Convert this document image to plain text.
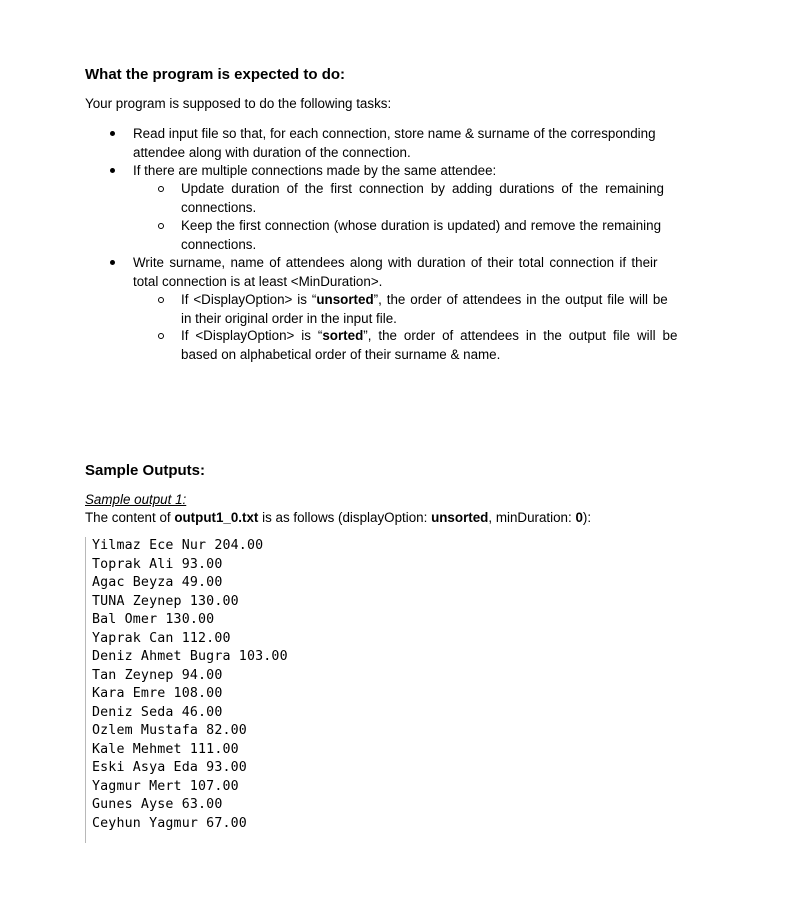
What the program is expected to do:
Your program is supposed to do the following tasks:
Read input file so that, for each connection, store name & surname of the corresponding
attendee along with duration of the connection.
If there are multiple connections made by the same attendee:
Update duration of the first connection by adding durations of the remaining
connections.
Keep the first connection (whose duration is updated) and remove the remaining
connections.
Write surname, name of attendees along with duration of their total connection if their
total connection is at least <MinDuration>.
If <DisplayOption> is “unsorted”, the order of attendees in the output file will be
in their original order in the input file.
If <DisplayOption> is “sorted”, the order of attendees in the output file will be
based on alphabetical order of their surname & name.
Sample Outputs:
Sample output 1:
The content of output1_0.txt is as follows (displayOption: unsorted, minDuration: 0):
Yilmaz Ece Nur 204.00
Toprak Ali 93.00
Agac Beyza 49.00
TUNA Zeynep 130.00
Bal Omer 130.00
Yaprak Can 112.00
Deniz Ahmet Bugra 103.00
Tan Zeynep 94.00
Kara Emre 108.00
Deniz Seda 46.00
Ozlem Mustafa 82.00
Kale Mehmet 111.00
Eski Asya Eda 93.00
Yagmur Mert 107.00
Gunes Ayse 63.00
Ceyhun Yagmur 67.00
